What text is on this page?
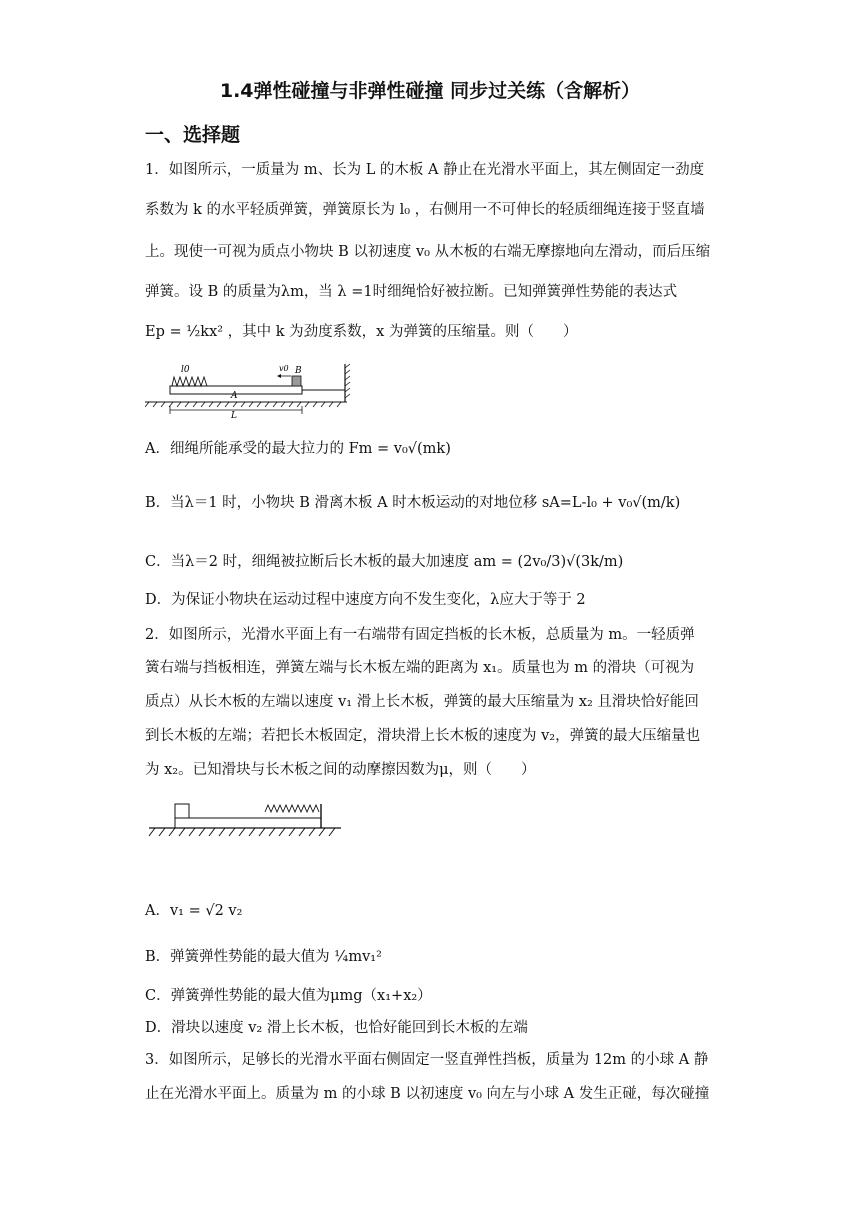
1.4弹性碰撞与非弹性碰撞 同步过关练（含解析）
一、选择题
1．如图所示，一质量为 m、长为 L 的木板 A 静止在光滑水平面上，其左侧固定一劲度
系数为 k 的水平轻质弹簧，弹簧原长为 l₀ ，右侧用一不可伸长的轻质细绳连接于竖直墙
上。现使一可视为质点小物块 B 以初速度 v₀ 从木板的右端无摩擦地向左滑动，而后压缩
弹簧。设 B 的质量为λm，当 λ =1时细绳恰好被拉断。已知弹簧弹性势能的表达式
Ep = ½kx² ，其中 k 为劲度系数，x 为弹簧的压缩量。则（　　）
l0	v0 B
A
L
A．细绳所能承受的最大拉力的 Fm = v₀√(mk)
B．当λ＝1 时，小物块 B 滑离木板 A 时木板运动的对地位移 sA=L-l₀ + v₀√(m/k)
C．当λ＝2 时，细绳被拉断后长木板的最大加速度 am = (2v₀/3)√(3k/m)
D．为保证小物块在运动过程中速度方向不发生变化，λ应大于等于 2
2．如图所示，光滑水平面上有一右端带有固定挡板的长木板，总质量为 m。一轻质弹
簧右端与挡板相连，弹簧左端与长木板左端的距离为 x₁。质量也为 m 的滑块（可视为
质点）从长木板的左端以速度 v₁ 滑上长木板，弹簧的最大压缩量为 x₂ 且滑块恰好能回
到长木板的左端；若把长木板固定，滑块滑上长木板的速度为 v₂，弹簧的最大压缩量也
为 x₂。已知滑块与长木板之间的动摩擦因数为μ，则（　　）
A．v₁ = √2 v₂
B．弹簧弹性势能的最大值为 ¼mv₁²
C．弹簧弹性势能的最大值为μmg（x₁+x₂）
D．滑块以速度 v₂ 滑上长木板，也恰好能回到长木板的左端
3．如图所示，足够长的光滑水平面右侧固定一竖直弹性挡板，质量为 12m 的小球 A 静
止在光滑水平面上。质量为 m 的小球 B 以初速度 v₀ 向左与小球 A 发生正碰，每次碰撞
